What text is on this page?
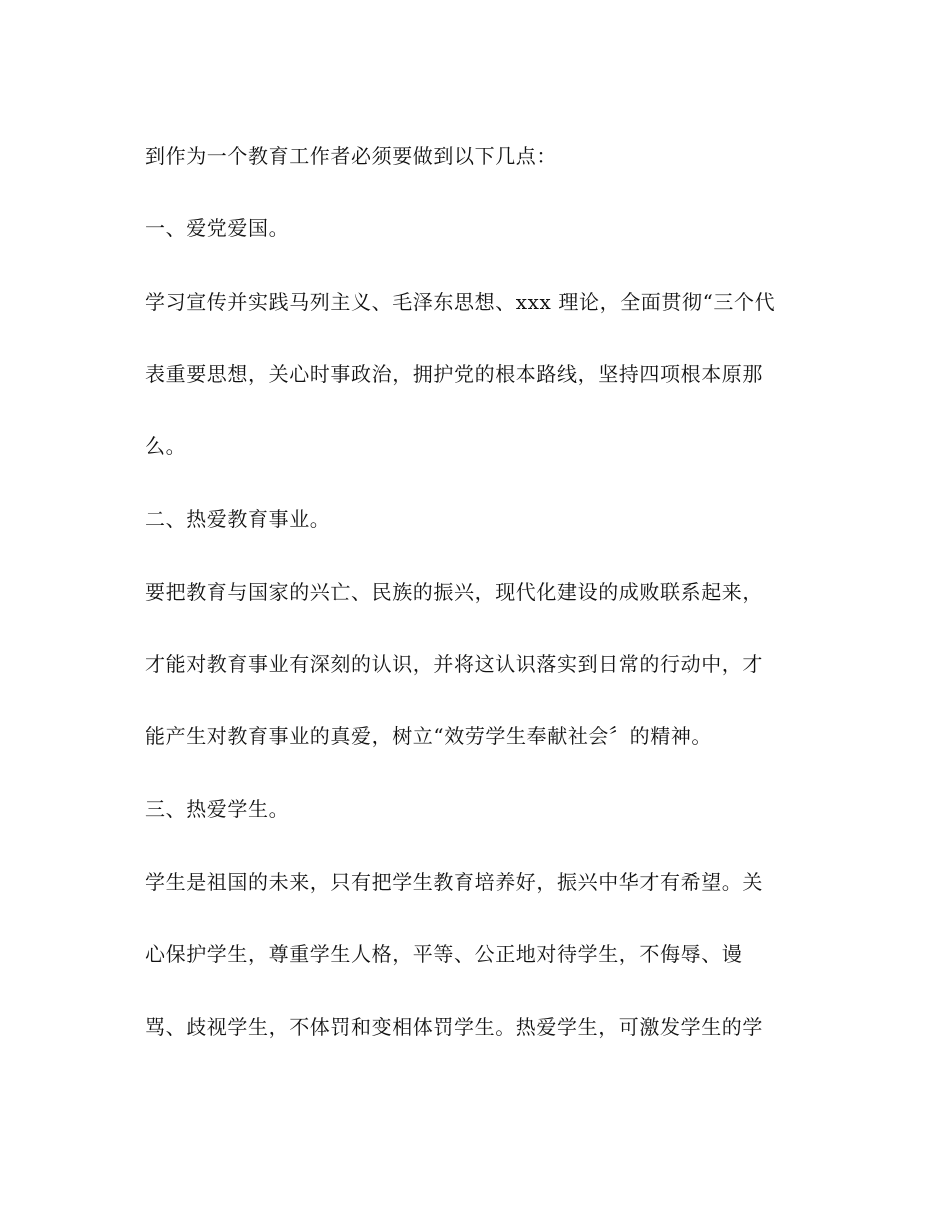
到作为一个教育工作者必须要做到以下几点：
一、爱党爱国。
学习宣传并实践马列主义、毛泽东思想、xxx 理论，全面贯彻“三个代
表重要思想，关心时事政治，拥护党的根本路线，坚持四项根本原那
么。
二、热爱教育事业。
要把教育与国家的兴亡、民族的振兴，现代化建设的成败联系起来，
才能对教育事业有深刻的认识，并将这认识落实到日常的行动中，才
能产生对教育事业的真爱，树立“效劳学生奉献社会〞的精神。
三、热爱学生。
学生是祖国的未来，只有把学生教育培养好，振兴中华才有希望。关
心保护学生，尊重学生人格，平等、公正地对待学生，不侮辱、谩
骂、歧视学生，不体罚和变相体罚学生。热爱学生，可激发学生的学
